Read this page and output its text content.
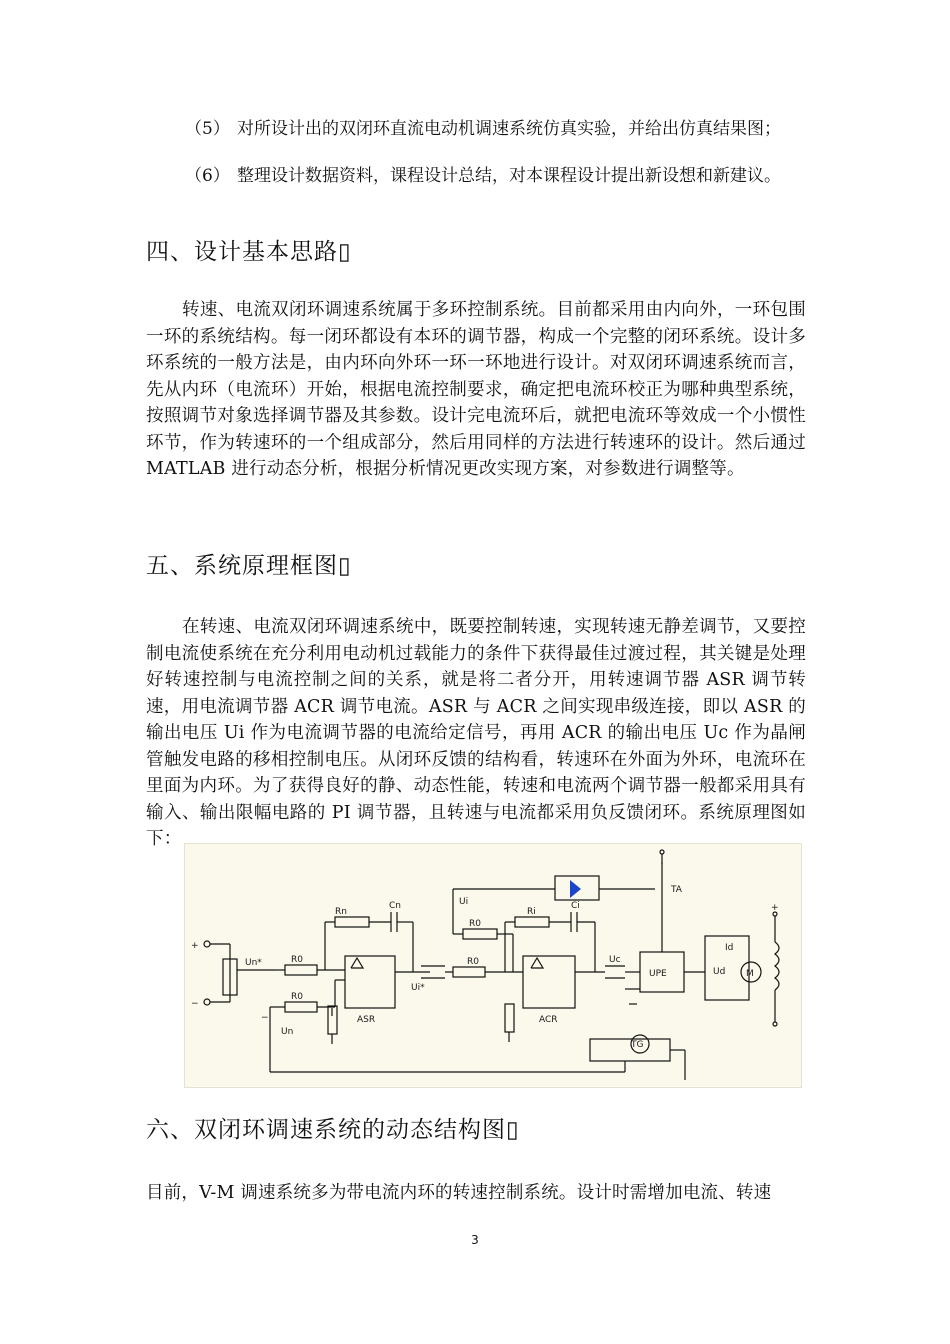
（5） 对所设计出的双闭环直流电动机调速系统仿真实验，并给出仿真结果图；
（6） 整理设计数据资料，课程设计总结，对本课程设计提出新设想和新建议。
四、设计基本思路▯
转速、电流双闭环调速系统属于多环控制系统。目前都采用由内向外，一环包围一环的系统结构。每一闭环都设有本环的调节器，构成一个完整的闭环系统。设计多环系统的一般方法是，由内环向外环一环一环地进行设计。对双闭环调速系统而言，先从内环（电流环）开始，根据电流控制要求，确定把电流环校正为哪种典型系统，按照调节对象选择调节器及其参数。设计完电流环后，就把电流环等效成一个小惯性环节，作为转速环的一个组成部分，然后用同样的方法进行转速环的设计。然后通过 MATLAB 进行动态分析，根据分析情况更改实现方案，对参数进行调整等。
五、系统原理框图▯
在转速、电流双闭环调速系统中，既要控制转速，实现转速无静差调节，又要控制电流使系统在充分利用电动机过载能力的条件下获得最佳过渡过程，其关键是处理好转速控制与电流控制之间的关系，就是将二者分开，用转速调节器 ASR 调节转速，用电流调节器 ACR 调节电流。ASR 与 ACR 之间实现串级连接，即以 ASR 的输出电压 Ui 作为电流调节器的电流给定信号，再用 ACR 的输出电压 Uc 作为晶闸管触发电路的移相控制电压。从闭环反馈的结构看，转速环在外面为外环，电流环在里面为内环。为了获得良好的静、动态性能，转速和电流两个调节器一般都采用具有输入、输出限幅电路的 PI 调节器，且转速与电流都采用负反馈闭环。系统原理图如下：
+
−
Un*	R0
R0
R0
R0
Rn
Cn
ASR
Ui*
Ui
Ri
Ci
ACR
Uc
UPE	Ud
Id
M
TA
TG
Un
−
+
六、双闭环调速系统的动态结构图▯
目前，V-M 调速系统多为带电流内环的转速控制系统。设计时需增加电流、转速
3
